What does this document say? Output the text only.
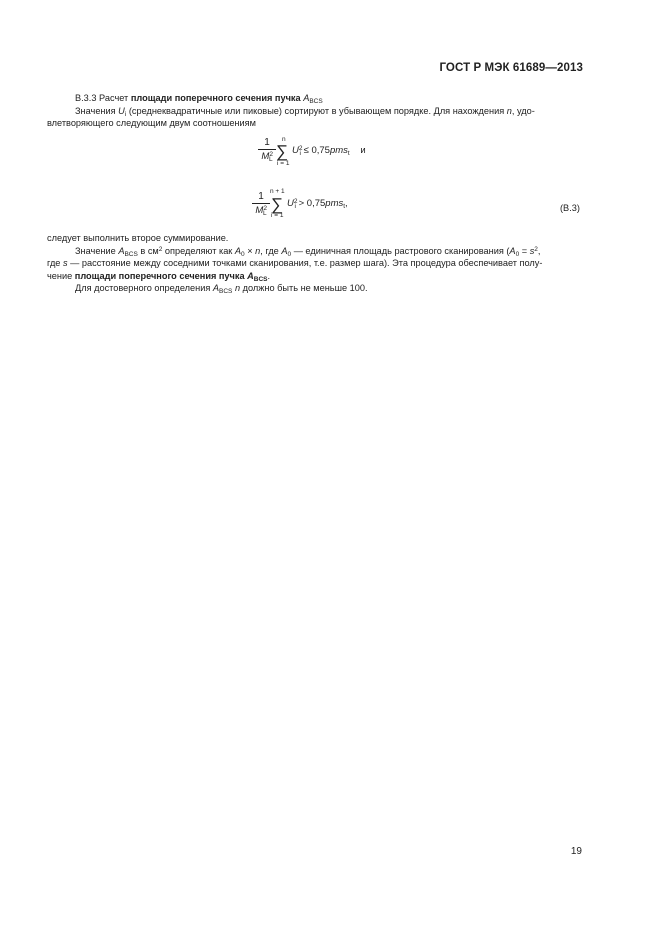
ГОСТ Р МЭК 61689—2013

B.3.3 Расчет площади поперечного сечения пучка $A_{BCS}$

Значения $U_i$ (среднеквадратичные или пиковые) сортируют в убывающем порядке. Для нахождения n, удо-

влетворяющего следующим двум соотношениям

1
$M^2_L$
n
∑
i = 1
$U^2_i \le 0,75pms_t$ и
1
$M^2_L$
n + 1
∑
i = 1
$U^2_i > 0,75pms_t$,	(B.3)

следует выполнить второе суммирование.

Значение $A_{BCS}$ в $см^2$ определяют как $A_0 \times n$, где $A_0$ — единичная площадь растрового сканирования ($A_0 = s^2$,

где s — расстояние между соседними точками сканирования, т.е. размер шага). Эта процедура обеспечивает полу-

чение площади поперечного сечения пучка $A_{BCS}$.

Для достоверного определения $A_{BCS}$ n должно быть не меньше 100.

19
